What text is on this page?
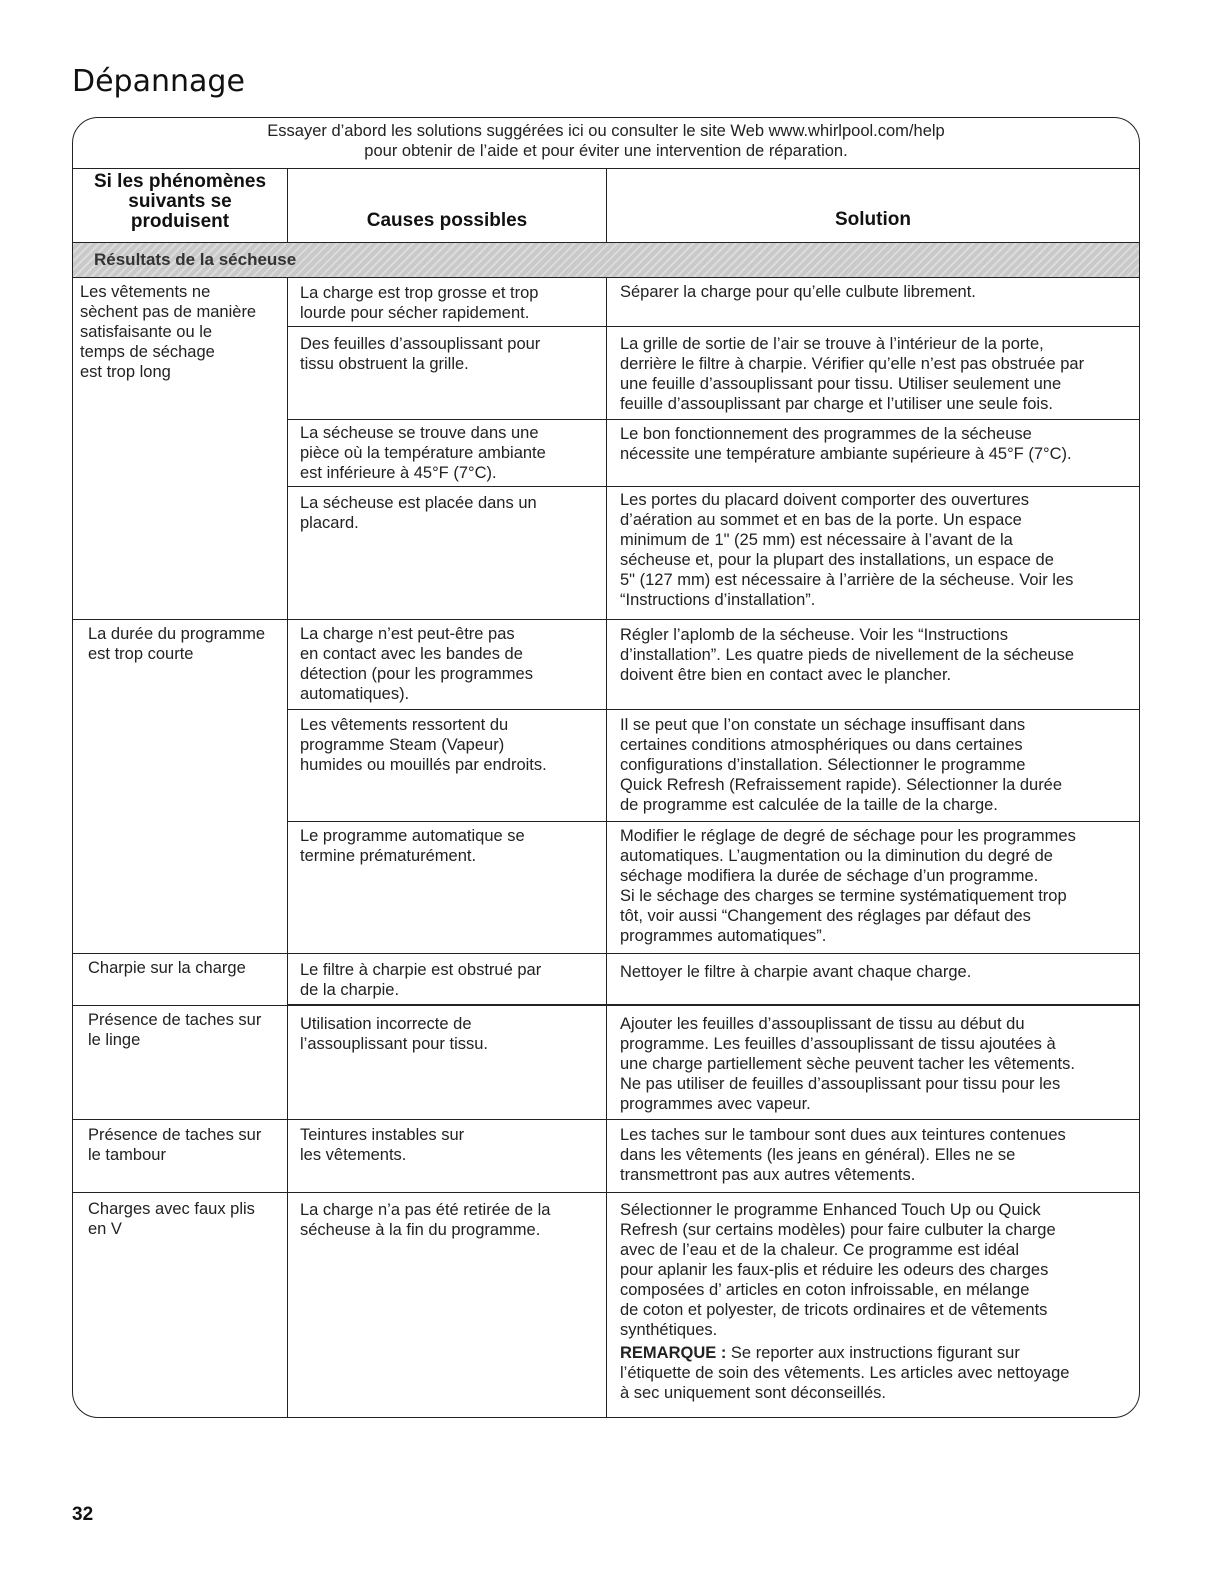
Dépannage
Essayer d’abord les solutions suggérées ici ou consulter le site Web www.whirlpool.com/help
pour obtenir de l’aide et pour éviter une intervention de réparation.
Si les phénomènes
suivants se
produisent	Causes possibles	Solution
Résultats de la sécheuse
Les vêtements ne
sèchent pas de manière
satisfaisante ou le
temps de séchage
est trop long
La durée du programme
est trop courte
Charpie sur la charge
Présence de taches sur
le linge
Présence de taches sur
le tambour
Charges avec faux plis
en V
La charge est trop grosse et trop
lourde pour sécher rapidement.
Des feuilles d’assouplissant pour
tissu obstruent la grille.
La sécheuse se trouve dans une
pièce où la température ambiante
est inférieure à 45°F (7°C).
La sécheuse est placée dans un
placard.
La charge n’est peut-être pas
en contact avec les bandes de
détection (pour les programmes
automatiques).
Les vêtements ressortent du
programme Steam (Vapeur)
humides ou mouillés par endroits.
Le programme automatique se
termine prématurément.
Le filtre à charpie est obstrué par
de la charpie.
Utilisation incorrecte de
l’assouplissant pour tissu.
Teintures instables sur
les vêtements.
La charge n’a pas été retirée de la
sécheuse à la fin du programme.
Séparer la charge pour qu’elle culbute librement.
La grille de sortie de l’air se trouve à l’intérieur de la porte,
derrière le filtre à charpie. Vérifier qu’elle n’est pas obstruée par
une feuille d’assouplissant pour tissu. Utiliser seulement une
feuille d’assouplissant par charge et l’utiliser une seule fois.
Le bon fonctionnement des programmes de la sécheuse
nécessite une température ambiante supérieure à 45°F (7°C).
Les portes du placard doivent comporter des ouvertures
d’aération au sommet et en bas de la porte. Un espace
minimum de 1" (25 mm) est nécessaire à l’avant de la
sécheuse et, pour la plupart des installations, un espace de
5" (127 mm) est nécessaire à l’arrière de la sécheuse. Voir les
“Instructions d’installation”.
Régler l’aplomb de la sécheuse. Voir les “Instructions
d’installation”. Les quatre pieds de nivellement de la sécheuse
doivent être bien en contact avec le plancher.
Il se peut que l’on constate un séchage insuffisant dans
certaines conditions atmosphériques ou dans certaines
configurations d’installation. Sélectionner le programme
Quick Refresh (Refraissement rapide). Sélectionner la durée
de programme est calculée de la taille de la charge.
Modifier le réglage de degré de séchage pour les programmes
automatiques. L’augmentation ou la diminution du degré de
séchage modifiera la durée de séchage d’un programme.
Si le séchage des charges se termine systématiquement trop
tôt, voir aussi “Changement des réglages par défaut des
programmes automatiques”.
Nettoyer le filtre à charpie avant chaque charge.
Ajouter les feuilles d’assouplissant de tissu au début du
programme. Les feuilles d’assouplissant de tissu ajoutées à
une charge partiellement sèche peuvent tacher les vêtements.
Ne pas utiliser de feuilles d’assouplissant pour tissu pour les
programmes avec vapeur.
Les taches sur le tambour sont dues aux teintures contenues
dans les vêtements (les jeans en général). Elles ne se
transmettront pas aux autres vêtements.
Sélectionner le programme Enhanced Touch Up ou Quick
Refresh (sur certains modèles) pour faire culbuter la charge
avec de l’eau et de la chaleur. Ce programme est idéal
pour aplanir les faux-plis et réduire les odeurs des charges
composées d’ articles en coton infroissable, en mélange
de coton et polyester, de tricots ordinaires et de vêtements
synthétiques.
REMARQUE : Se reporter aux instructions figurant sur
l’étiquette de soin des vêtements. Les articles avec nettoyage
à sec uniquement sont déconseillés.
32
